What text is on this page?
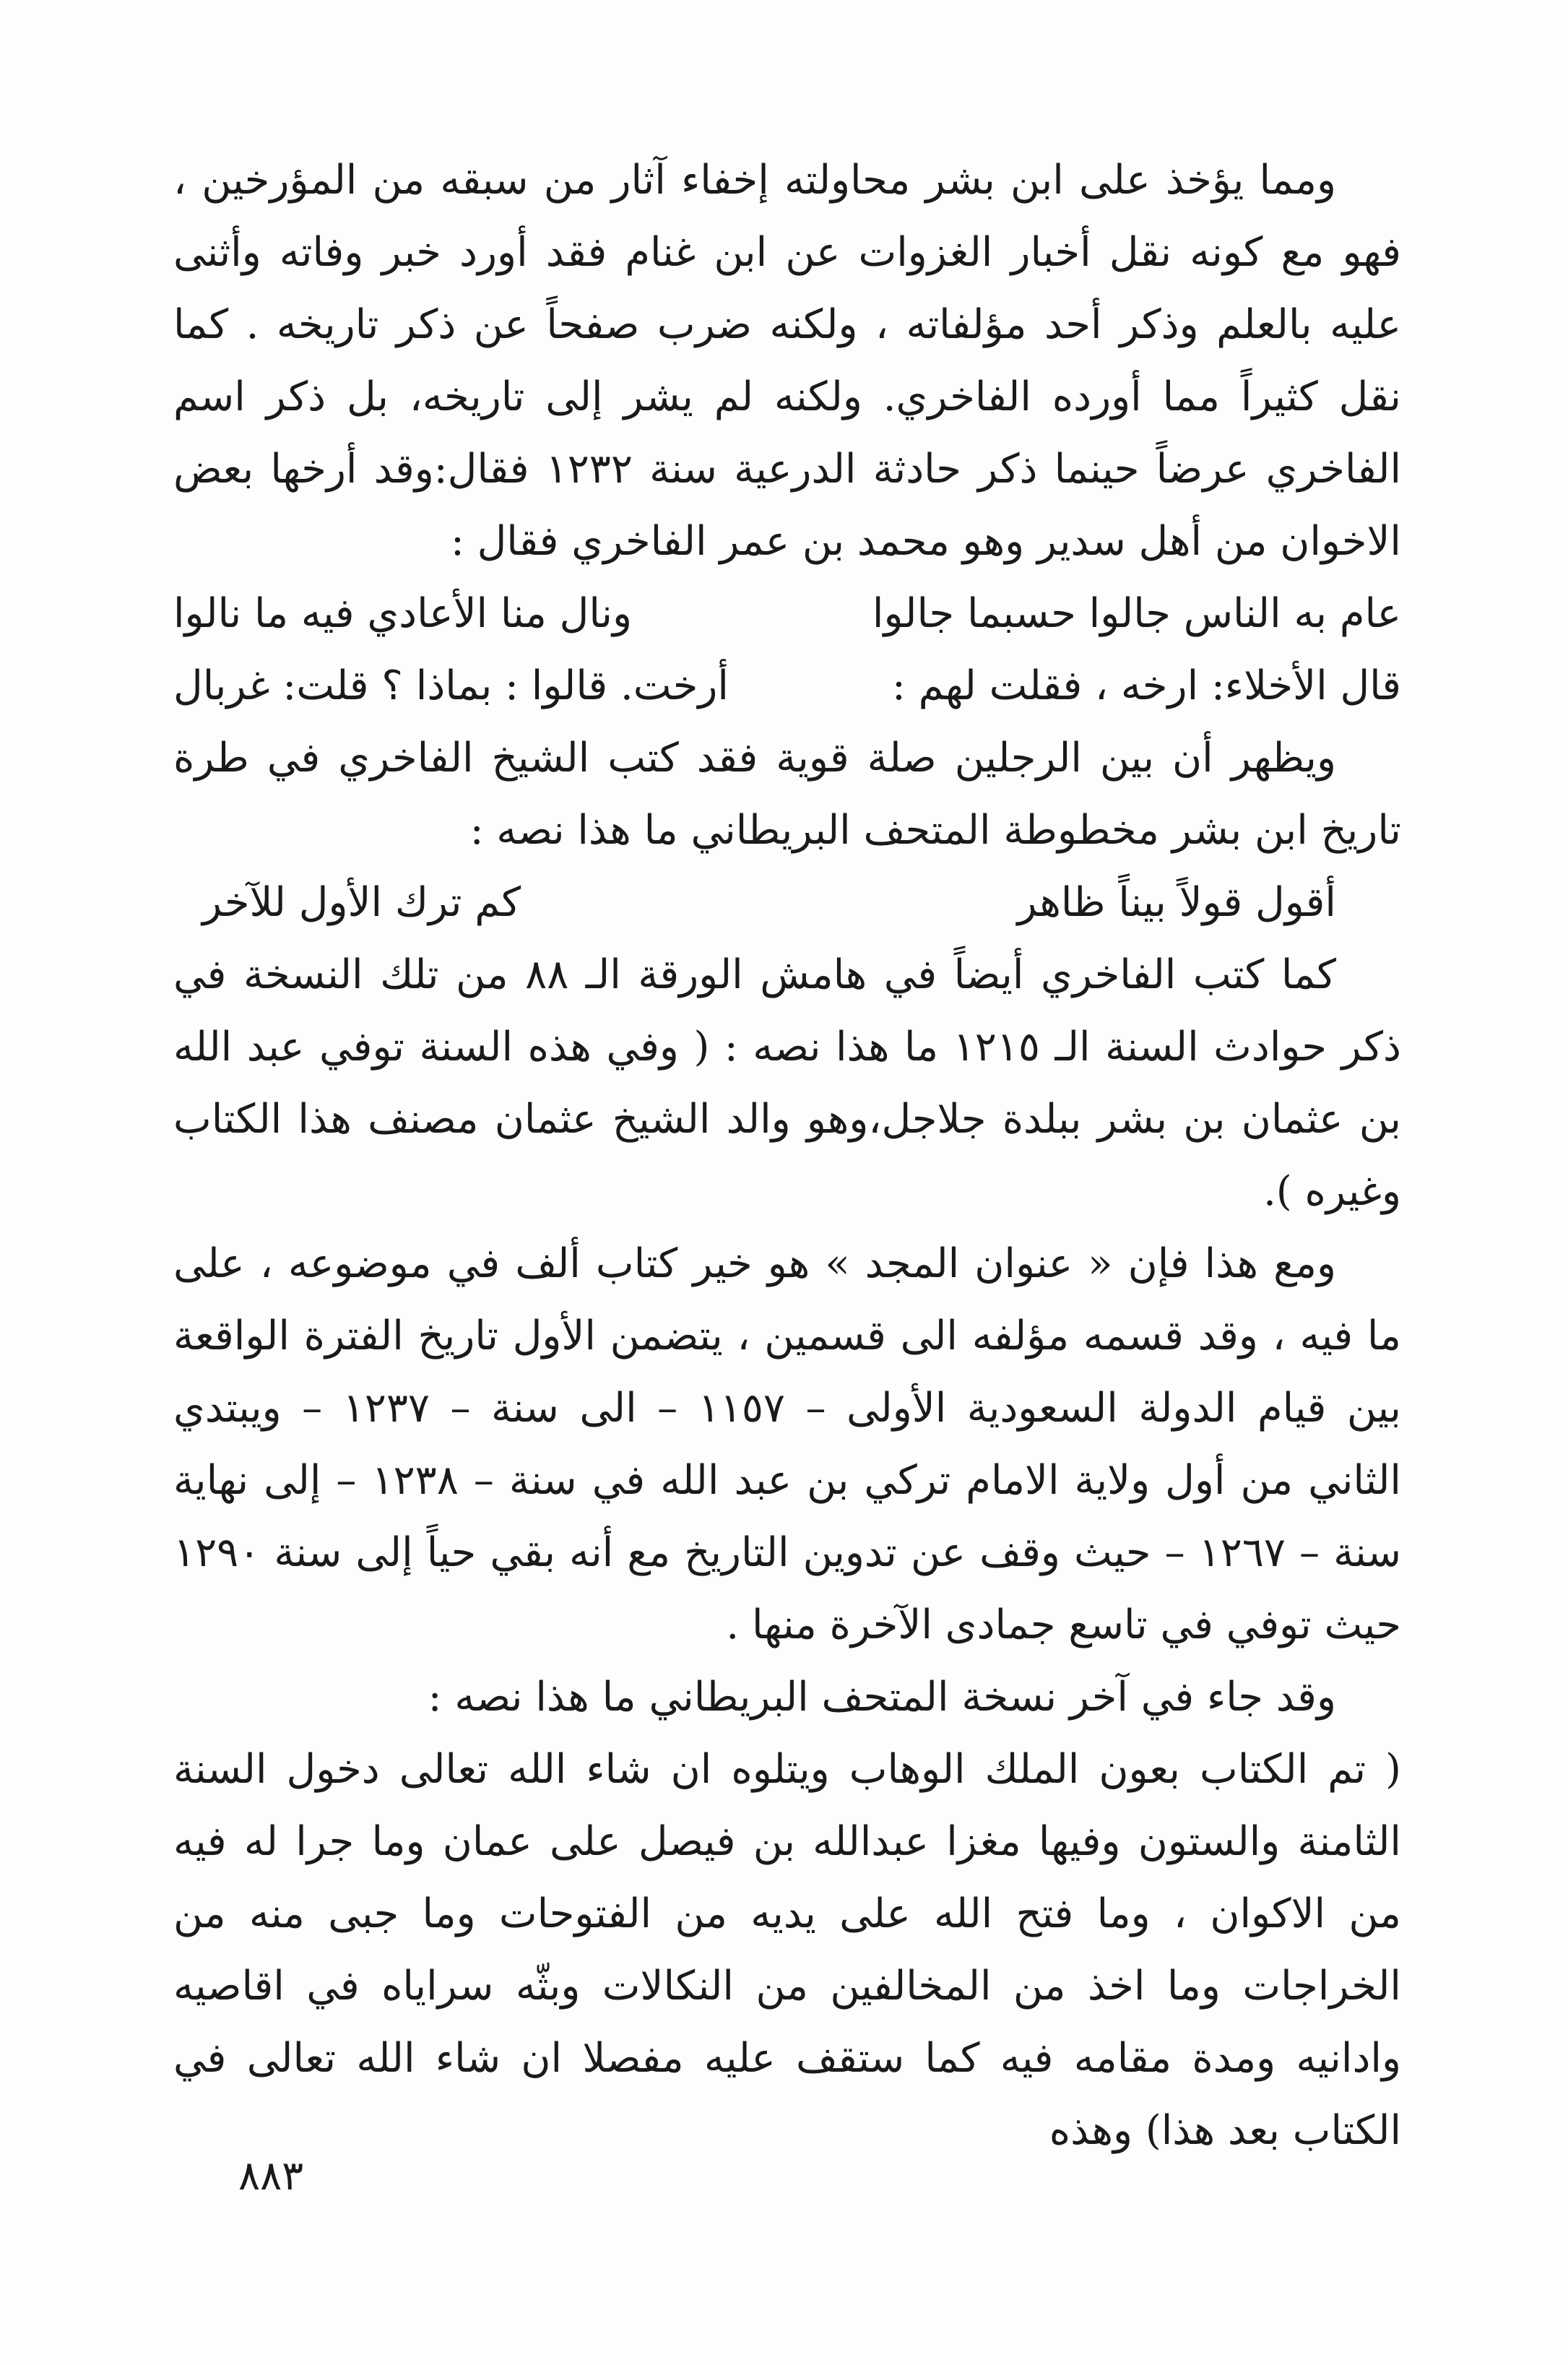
ومما يؤخذ على ابن بشر محاولته إخفاء آثار من سبقه من المؤرخين ، فهو مع كونه نقل أخبار الغزوات عن ابن غنام فقد أورد خبر وفاته وأثنى عليه بالعلم وذكر أحد مؤلفاته ، ولكنه ضرب صفحاً عن ذكر تاريخه . كما نقل كثيراً مما أورده الفاخري. ولكنه لم يشر إلى تاريخه، بل ذكر اسم الفاخري عرضاً حينما ذكر حادثة الدرعية سنة ١٢٣٢ فقال:وقد أرخها بعض الاخوان من أهل سدير وهو محمد بن عمر الفاخري فقال :

عام به الناس جالوا حسبما جالوا
ونال منا الأعادي فيه ما نالوا
قال الأخلاء: ارخه ، فقلت لهم :
أرخت. قالوا : بماذا ؟ قلت: غربال

ويظهر أن بين الرجلين صلة قوية فقد كتب الشيخ الفاخري في طرة تاريخ ابن بشر مخطوطة المتحف البريطاني ما هذا نصه :

أقول قولاً بيناً ظاهر
كم ترك الأول للآخر

كما كتب الفاخري أيضاً في هامش الورقة الـ ٨٨ من تلك النسخة في ذكر حوادث السنة الـ ١٢١٥ ما هذا نصه : ( وفي هذه السنة توفي عبد الله بن عثمان بن بشر ببلدة جلاجل،وهو والد الشيخ عثمان مصنف هذا الكتاب وغيره ).

ومع هذا فإن « عنوان المجد » هو خير كتاب ألف في موضوعه ، على ما فيه ، وقد قسمه مؤلفه الى قسمين ، يتضمن الأول تاريخ الفترة الواقعة بين قيام الدولة السعودية الأولى – ١١٥٧ – الى سنة – ١٢٣٧ – ويبتدي الثاني من أول ولاية الامام تركي بن عبد الله في سنة – ١٢٣٨ – إلى نهاية سنة – ١٢٦٧ – حيث وقف عن تدوين التاريخ مع أنه بقي حياً إلى سنة ١٢٩٠ حيث توفي في تاسع جمادى الآخرة منها .

وقد جاء في آخر نسخة المتحف البريطاني ما هذا نصه :

( تم الكتاب بعون الملك الوهاب ويتلوه ان شاء الله تعالى دخول السنة الثامنة والستون وفيها مغزا عبدالله بن فيصل على عمان وما جرا له فيه من الاكوان ، وما فتح الله على يديه من الفتوحات وما جبى منه من الخراجات وما اخذ من المخالفين من النكالات وبثّه سراياه في اقاصيه وادانيه ومدة مقامه فيه كما ستقف عليه مفصلا ان شاء الله تعالى في الكتاب بعد هذا) وهذه

٨٨٣
